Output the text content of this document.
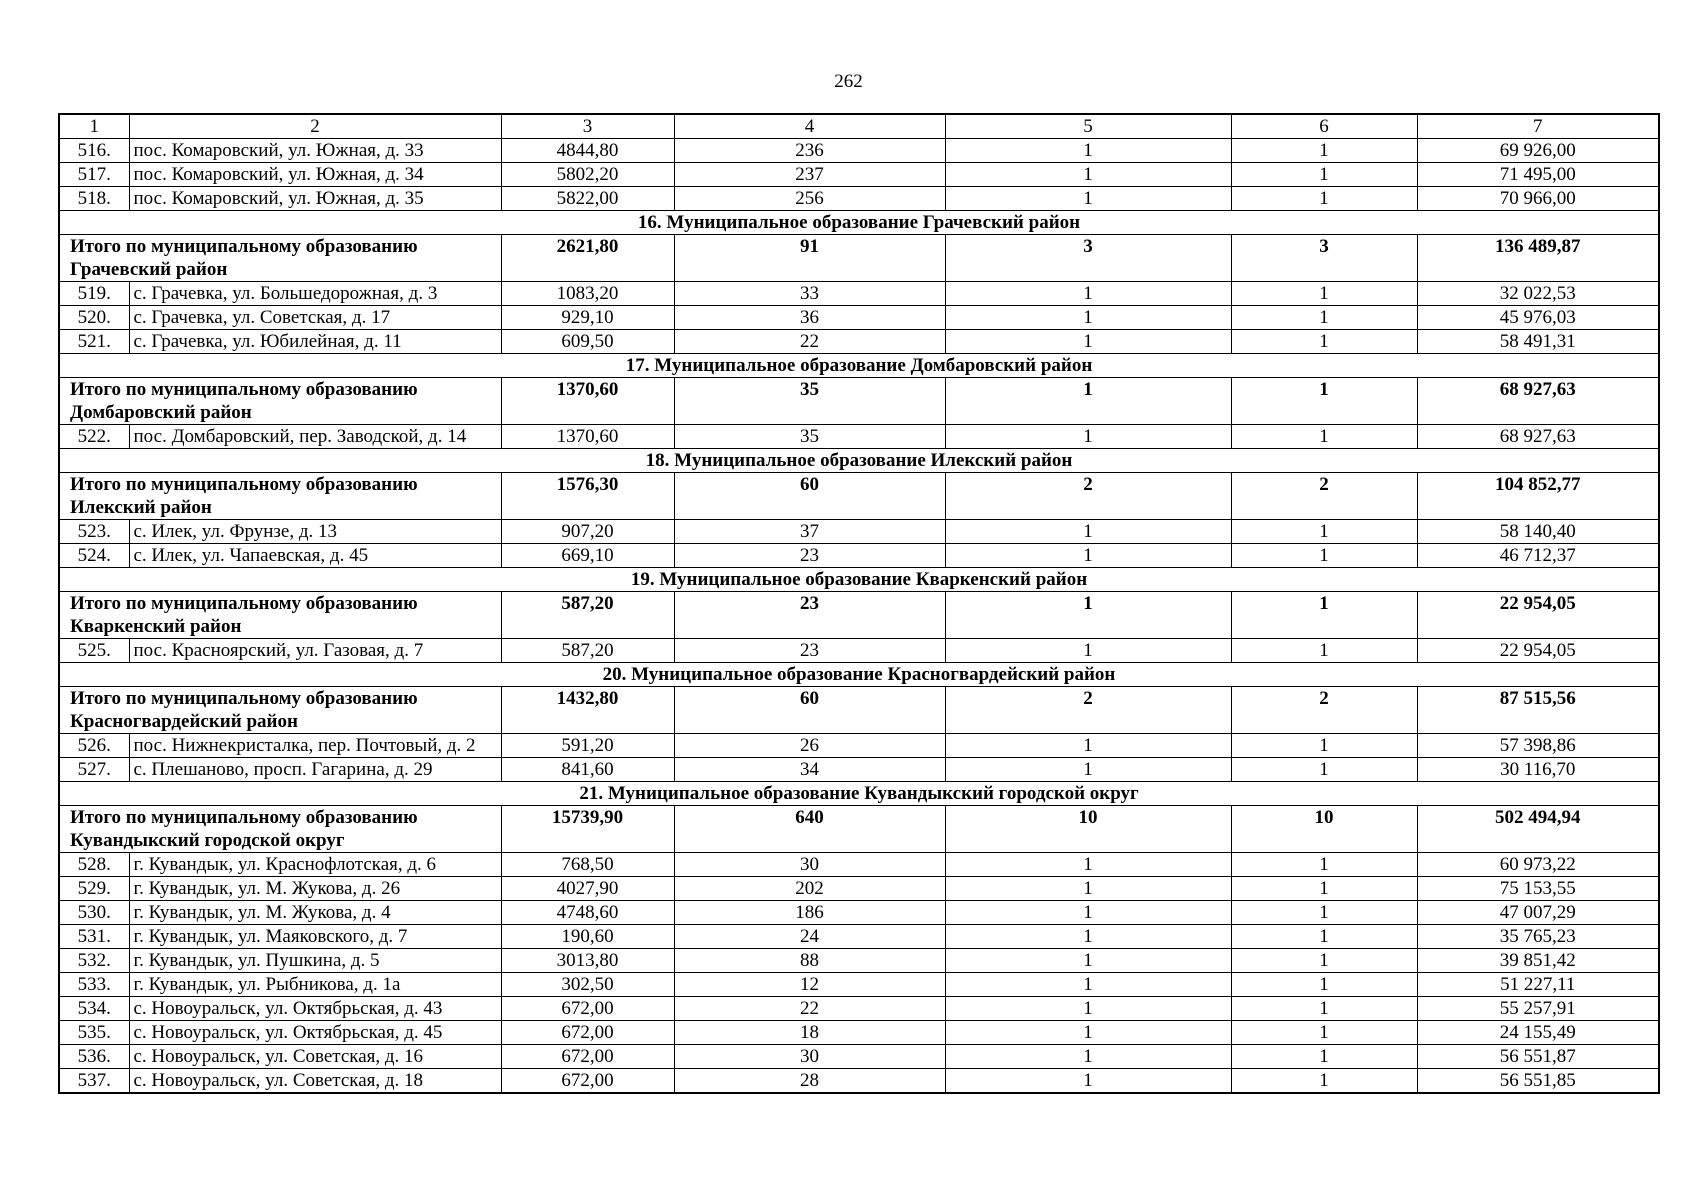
262
1	2	3	4	5	6	7
516.	пос. Комаровский, ул. Южная, д. 33	4844,80	236	1	1	69 926,00
517.	пос. Комаровский, ул. Южная, д. 34	5802,20	237	1	1	71 495,00
518.	пос. Комаровский, ул. Южная, д. 35	5822,00	256	1	1	70 966,00
16. Муниципальное образование Грачевский район						
Итого по муниципальному образованию Грачевский район		2621,80	91	3	3	136 489,87
519.	с. Грачевка, ул. Большедорожная, д. 3	1083,20	33	1	1	32 022,53
520.	с. Грачевка, ул. Советская, д. 17	929,10	36	1	1	45 976,03
521.	с. Грачевка, ул. Юбилейная, д. 11	609,50	22	1	1	58 491,31
17. Муниципальное образование Домбаровский район						
Итого по муниципальному образованию Домбаровский район		1370,60	35	1	1	68 927,63
522.	пос. Домбаровский, пер. Заводской, д. 14	1370,60	35	1	1	68 927,63
18. Муниципальное образование Илекский район						
Итого по муниципальному образованию Илекский район		1576,30	60	2	2	104 852,77
523.	с. Илек, ул. Фрунзе, д. 13	907,20	37	1	1	58 140,40
524.	с. Илек, ул. Чапаевская, д. 45	669,10	23	1	1	46 712,37
19. Муниципальное образование Кваркенский район						
Итого по муниципальному образованию Кваркенский район		587,20	23	1	1	22 954,05
525.	пос. Красноярский, ул. Газовая, д. 7	587,20	23	1	1	22 954,05
20. Муниципальное образование Красногвардейский район						
Итого по муниципальному образованию Красногвардейский район		1432,80	60	2	2	87 515,56
526.	пос. Нижнекристалка, пер. Почтовый, д. 2	591,20	26	1	1	57 398,86
527.	с. Плешаново, просп. Гагарина, д. 29	841,60	34	1	1	30 116,70
21. Муниципальное образование Кувандыкский городской округ						
Итого по муниципальному образованию Кувандыкский городской округ		15739,90	640	10	10	502 494,94
528.	г. Кувандык, ул. Краснофлотская, д. 6	768,50	30	1	1	60 973,22
529.	г. Кувандык, ул. М. Жукова, д. 26	4027,90	202	1	1	75 153,55
530.	г. Кувандык, ул. М. Жукова, д. 4	4748,60	186	1	1	47 007,29
531.	г. Кувандык, ул. Маяковского, д. 7	190,60	24	1	1	35 765,23
532.	г. Кувандык, ул. Пушкина, д. 5	3013,80	88	1	1	39 851,42
533.	г. Кувандык, ул. Рыбникова, д. 1а	302,50	12	1	1	51 227,11
534.	с. Новоуральск, ул. Октябрьская, д. 43	672,00	22	1	1	55 257,91
535.	с. Новоуральск, ул. Октябрьская, д. 45	672,00	18	1	1	24 155,49
536.	с. Новоуральск, ул. Советская, д. 16	672,00	30	1	1	56 551,87
537.	с. Новоуральск, ул. Советская, д. 18	672,00	28	1	1	56 551,85
